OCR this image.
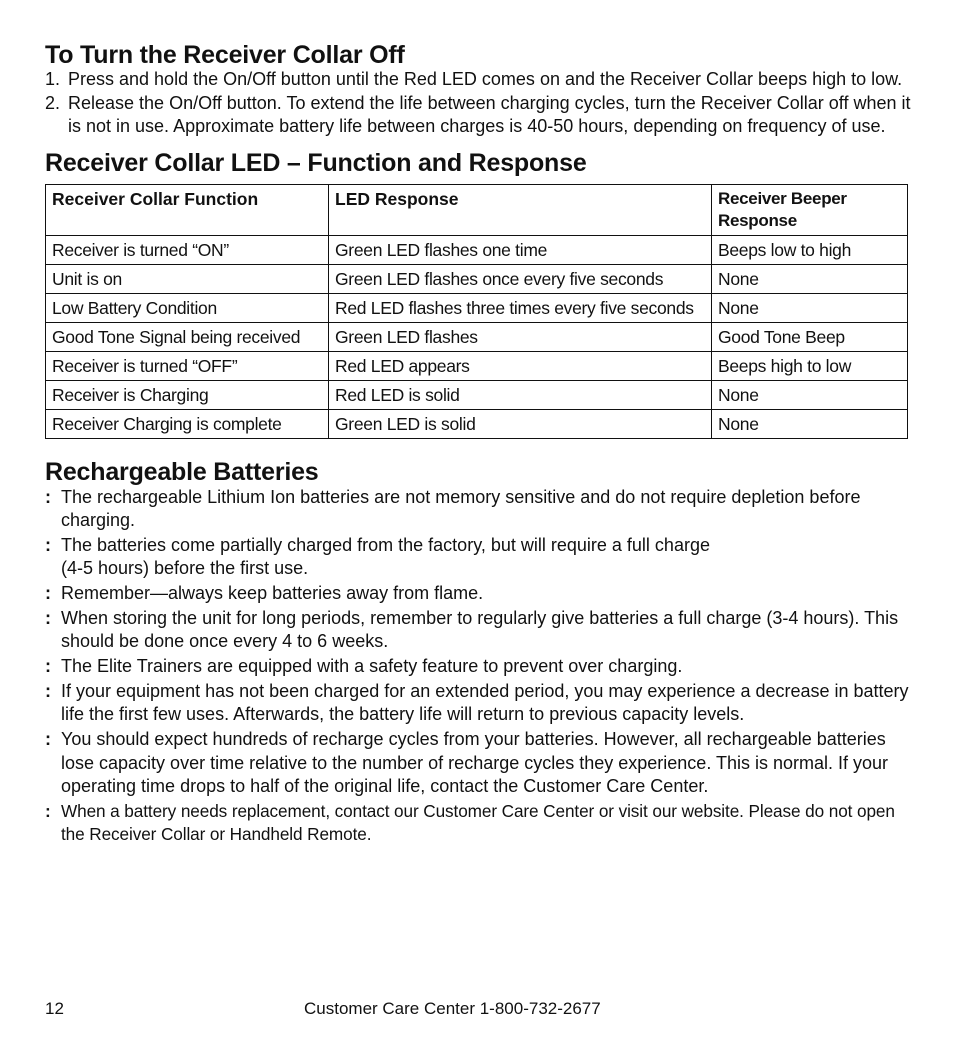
To Turn the Receiver Collar Off
1. Press and hold the On/Off button until the Red LED comes on and the Receiver Collar beeps high to low.
2. Release the On/Off button. To extend the life between charging cycles, turn the Receiver Collar off when it is not in use. Approximate battery life between charges is 40-50 hours, depending on frequency of use.
Receiver Collar LED – Function and Response
Receiver Collar Function	LED Response	Receiver Beeper Response
Receiver is turned “ON”	Green LED flashes one time	Beeps low to high
Unit is on	Green LED flashes once every five seconds	None
Low Battery Condition	Red LED flashes three times every five seconds	None
Good Tone Signal being received	Green LED flashes	Good Tone Beep
Receiver is turned “OFF”	Red LED appears	Beeps high to low
Receiver is Charging	Red LED is solid	None
Receiver Charging is complete	Green LED is solid	None
Rechargeable Batteries
: The rechargeable Lithium Ion batteries are not memory sensitive and do not require depletion before charging.
: The batteries come partially charged from the factory, but will require a full charge
(4-5 hours) before the first use.
: Remember—always keep batteries away from flame.
: When storing the unit for long periods, remember to regularly give batteries a full charge (3-4 hours). This should be done once every 4 to 6 weeks.
: The Elite Trainers are equipped with a safety feature to prevent over charging.
: If your equipment has not been charged for an extended period, you may experience a decrease in battery life the first few uses. Afterwards, the battery life will return to previous capacity levels.
: You should expect hundreds of recharge cycles from your batteries. However, all rechargeable batteries lose capacity over time relative to the number of recharge cycles they experience. This is normal. If your operating time drops to half of the original life, contact the Customer Care Center.
: When a battery needs replacement, contact our Customer Care Center or visit our website. Please do not open the Receiver Collar or Handheld Remote.
12	Customer Care Center 1-800-732-2677
